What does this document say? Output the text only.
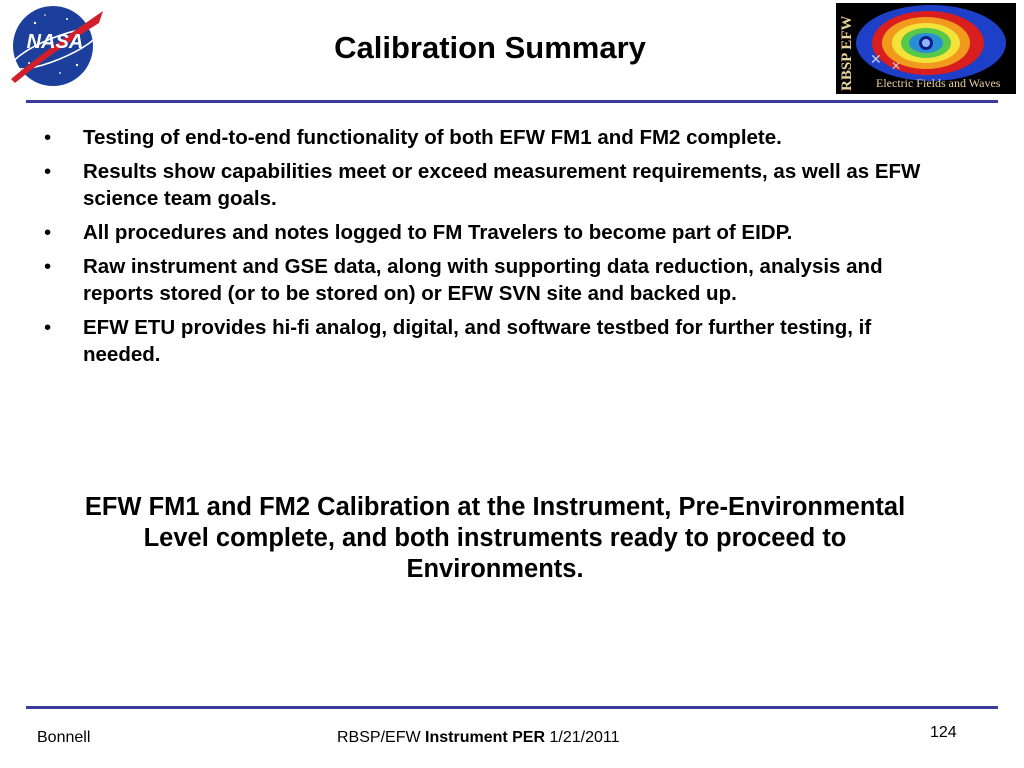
NASA	Calibration Summary	✕ ✕
RBSP EFW Electric Fields and Waves
• Testing of end-to-end functionality of both EFW FM1 and FM2 complete.
• Results show capabilities meet or exceed measurement requirements, as well as EFW science team goals.
• All procedures and notes logged to FM Travelers to become part of EIDP.
• Raw instrument and GSE data, along with supporting data reduction, analysis and reports stored (or to be stored on) or EFW SVN site and backed up.
• EFW ETU provides hi-fi analog, digital, and software testbed for further testing, if needed.

EFW FM1 and FM2 Calibration at the Instrument, Pre-Environmental Level complete, and both instruments ready to proceed to Environments.

Bonnell	RBSP/EFW Instrument PER 1/21/2011	124
